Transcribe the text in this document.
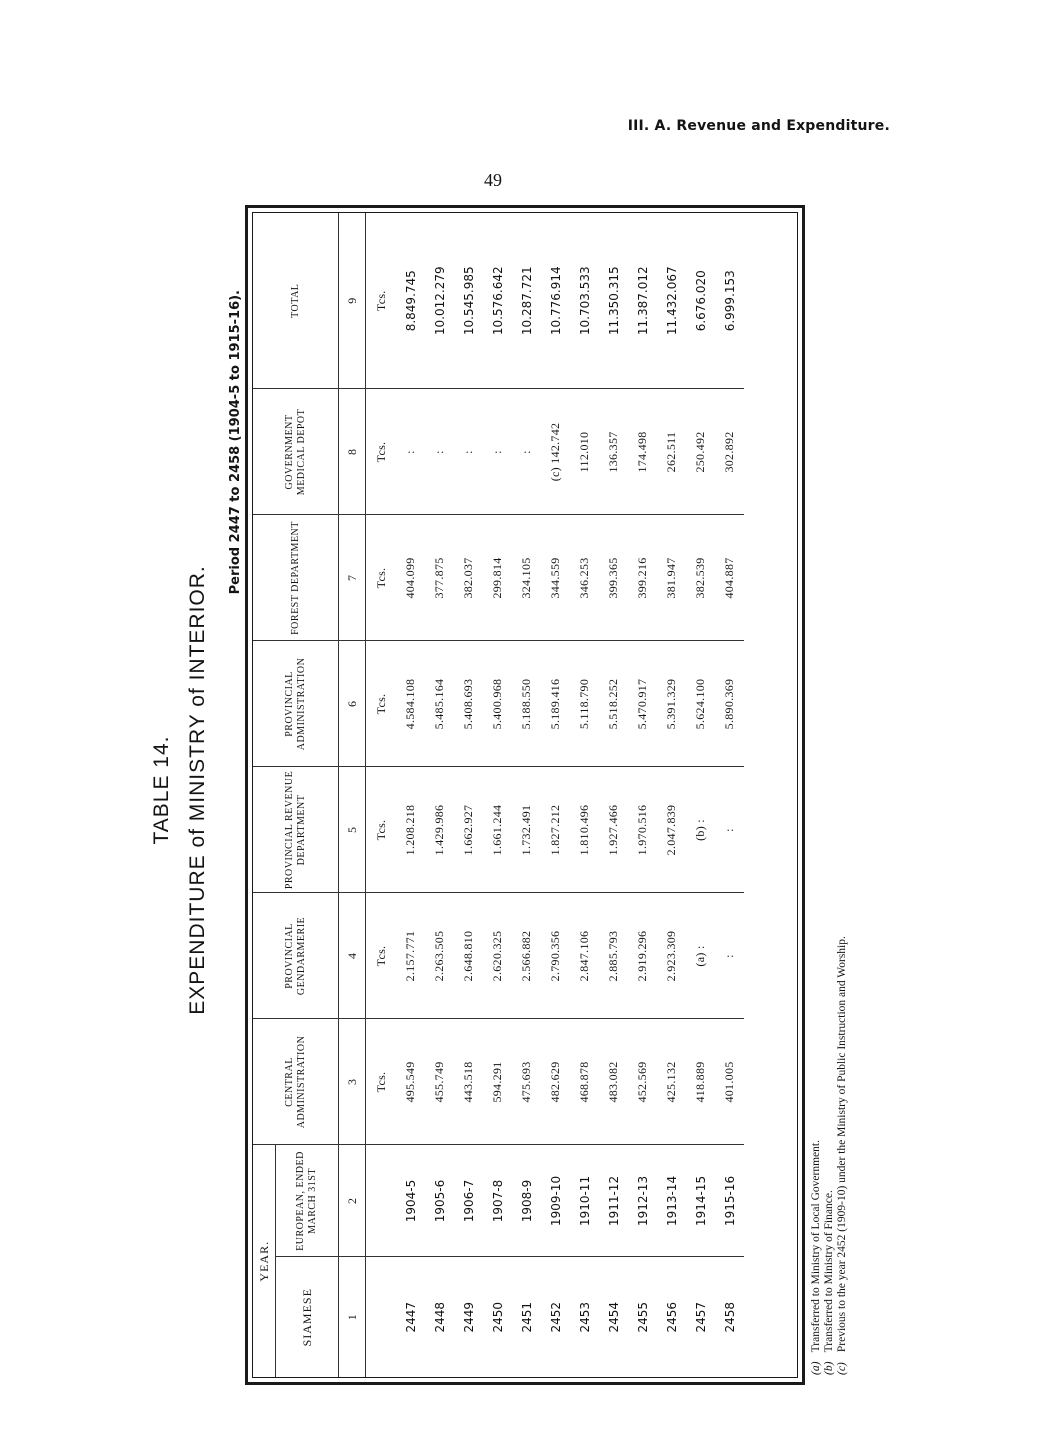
III. A. Revenue and Expenditure.
49
TABLE 14. EXPENDITURE of MINISTRY of INTERIOR.
Period 2447 to 2458 (1904-5 to 1915-16).
YEAR.		CENTRAL ADMINISTRATION	PROVINCIAL GENDARMERIE	PROVINCIAL REVENUE DEPARTMENT	PROVINCIAL ADMINISTRATION	FOREST DEPARTMENT	GOVERNMENT MEDICAL DEPOT	TOTAL
SIAMESE	EUROPEAN, ENDED MARCH 31ST							
1	2	3	4	5	6	7	8	9
		Tcs.	Tcs.	Tcs.	Tcs.	Tcs.	Tcs.	Tcs.
2447	1904-5	495.549	2.157.771	1.208.218	4.584.108	404.099	:	8.849.745
2448	1905-6	455.749	2.263.505	1.429.986	5.485.164	377.875	:	10.012.279
2449	1906-7	443.518	2.648.810	1.662.927	5.408.693	382.037	:	10.545.985
2450	1907-8	594.291	2.620.325	1.661.244	5.400.968	299.814	:	10.576.642
2451	1908-9	475.693	2.566.882	1.732.491	5.188.550	324.105	:	10.287.721
2452	1909-10	482.629	2.790.356	1.827.212	5.189.416	344.559	(c) 142.742	10.776.914
2453	1910-11	468.878	2.847.106	1.810.496	5.118.790	346.253	112.010	10.703.533
2454	1911-12	483.082	2.885.793	1.927.466	5.518.252	399.365	136.357	11.350.315
2455	1912-13	452.569	2.919.296	1.970.516	5.470.917	399.216	174.498	11.387.012
2456	1913-14	425.132	2.923.309	2.047.839	5.391.329	381.947	262.511	11.432.067
2457	1914-15	418.889	(a) :	(b) :	5.624.100	382.539	250.492	6.676.020
2458	1915-16	401.005	:	:	5.890.369	404.887	302.892	6.999.153
(a) Transferred to Ministry of Local Government.
(b) Transferred to Ministry of Finance.
(c) Previous to the year 2452 (1909-10) under the Ministry of Public Instruction and Worship.
